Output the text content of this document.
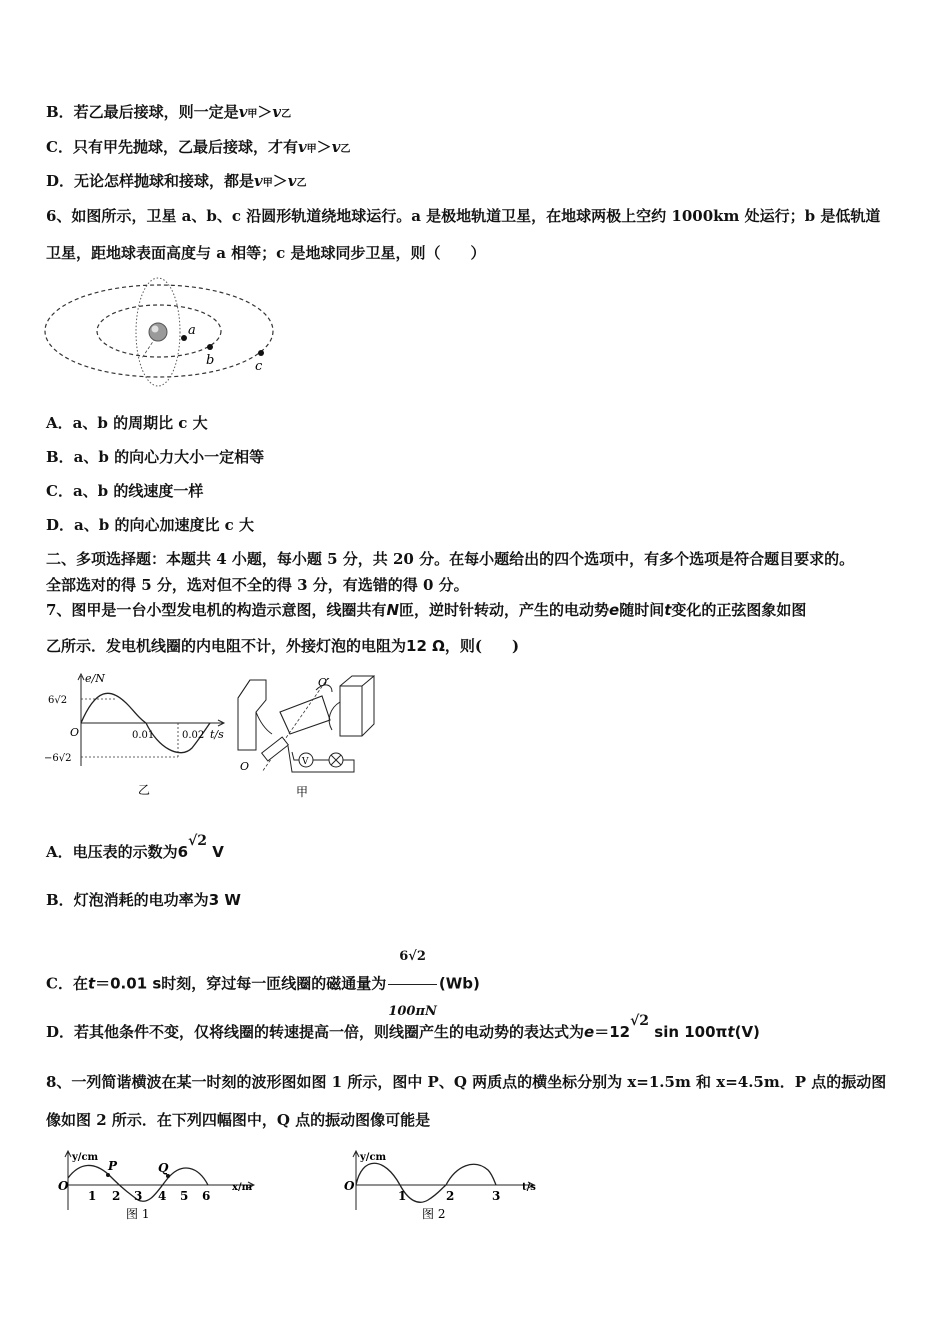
B．若乙最后接球，则一定是v甲＞v乙
C．只有甲先抛球，乙最后接球，才有v甲＞v乙
D．无论怎样抛球和接球，都是v甲＞v乙
6、如图所示，卫星 a、b、c 沿圆形轨道绕地球运行。a 是极地轨道卫星，在地球两极上空约 1000km 处运行；b 是低轨道
卫星，距地球表面高度与 a 相等；c 是地球同步卫星，则（　　）
a
b	c
A．a、b 的周期比 c 大
B．a、b 的向心力大小一定相等
C．a、b 的线速度一样
D．a、b 的向心加速度比 c 大
二、多项选择题：本题共 4 小题，每小题 5 分，共 20 分。在每小题给出的四个选项中，有多个选项是符合题目要求的。
全部选对的得 5 分，选对但不全的得 3 分，有选错的得 0 分。
7、图甲是一台小型发电机的构造示意图，线圈共有N匝，逆时针转动，产生的电动势e随时间t变化的正弦图象如图
乙所示．发电机线圈的内电阻不计，外接灯泡的电阻为12 Ω，则(　　)
e/N
6√2
−6√2
O	0.01	0.02 t/s
乙
V
O′
O
甲
A．电压表的示数为6√2 V
B．灯泡消耗的电功率为3 W
C．在t＝0.01 s时刻，穿过每一匝线圈的磁通量为 $\frac{6√2}{100\pi N} (Wb)$
D．若其他条件不变，仅将线圈的转速提高一倍，则线圈产生的电动势的表达式为e＝12√2 sin 100πt(V)
8、一列简谐横波在某一时刻的波形图如图 1 所示，图中 P、Q 两质点的横坐标分别为 x=1.5m 和 x=4.5m．P 点的振动图
像如图 2 所示．在下列四幅图中，Q 点的振动图像可能是
y/cm
O
P	Q
1 2 3 4 5 6
x/m
图 1
y/cm
O
1	2	3
t/s
图 2
